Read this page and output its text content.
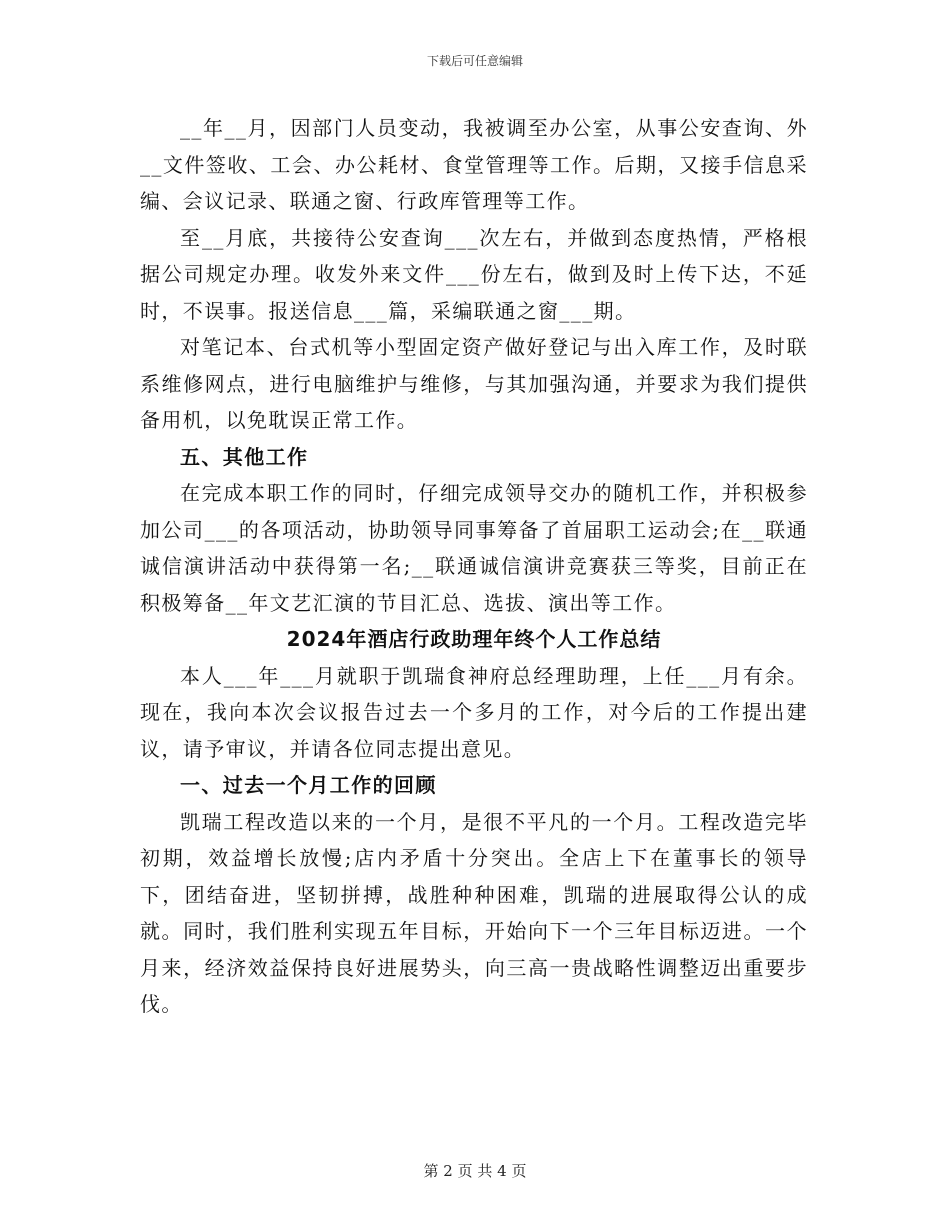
下载后可任意编辑

__年__月，因部门人员变动，我被调至办公室，从事公安查询、外__文件签收、工会、办公耗材、食堂管理等工作。后期，又接手信息采编、会议记录、联通之窗、行政库管理等工作。

至__月底，共接待公安查询___次左右，并做到态度热情，严格根据公司规定办理。收发外来文件___份左右，做到及时上传下达，不延时，不误事。报送信息___篇，采编联通之窗___期。

对笔记本、台式机等小型固定资产做好登记与出入库工作，及时联系维修网点，进行电脑维护与维修，与其加强沟通，并要求为我们提供备用机，以免耽误正常工作。

五、其他工作

在完成本职工作的同时，仔细完成领导交办的随机工作，并积极参加公司___的各项活动，协助领导同事筹备了首届职工运动会;在__联通诚信演讲活动中获得第一名;__联通诚信演讲竞赛获三等奖，目前正在积极筹备__年文艺汇演的节目汇总、选拔、演出等工作。

2024年酒店行政助理年终个人工作总结

本人___年___月就职于凯瑞食神府总经理助理，上任___月有余。现在，我向本次会议报告过去一个多月的工作，对今后的工作提出建议，请予审议，并请各位同志提出意见。

一、过去一个月工作的回顾

凯瑞工程改造以来的一个月，是很不平凡的一个月。工程改造完毕初期，效益增长放慢;店内矛盾十分突出。全店上下在董事长的领导下，团结奋进，坚韧拼搏，战胜种种困难，凯瑞的进展取得公认的成就。同时，我们胜利实现五年目标，开始向下一个三年目标迈进。一个月来，经济效益保持良好进展势头，向三高一贵战略性调整迈出重要步伐。

第 2 页 共 4 页
